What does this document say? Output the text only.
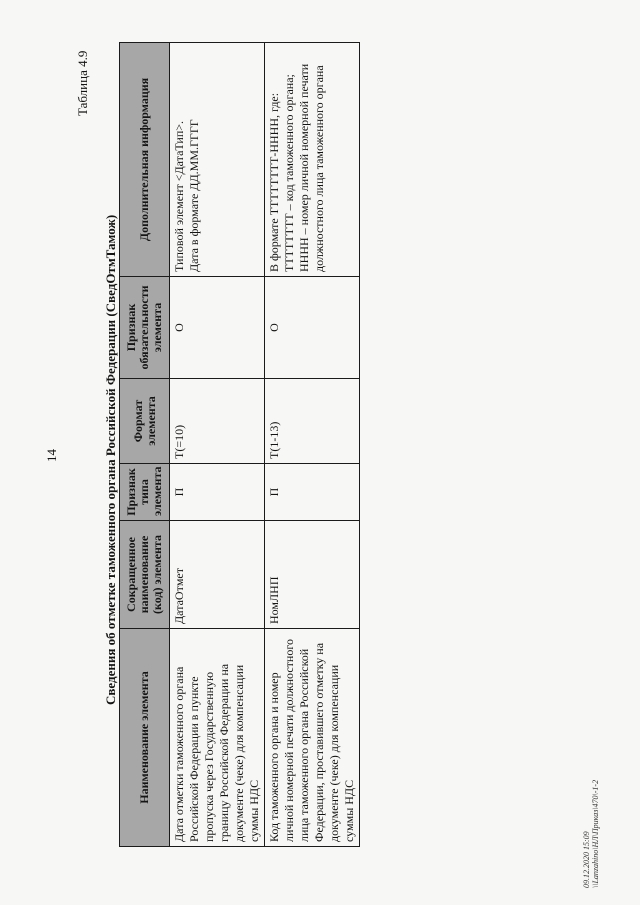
14
Таблица 4.9
Сведения об отметке таможенного органа Российской Федерации (СведОтмТамож)
Наименование элемента	Сокращенное наименование (код) элемента	Признак типа элемента	Формат элемента	Признак обязательности элемента	Дополнительная информация
Дата отметки таможенного органа Российской Федерации в пункте пропуска через Государственную границу Российской Федерации на документе (чеке) для компенсации суммы НДС	ДатаОтмет	П	T(=10)	О	Типовой элемент <ДатаТип>.
Дата в формате ДД.ММ.ГГГГ
Код таможенного органа и номер личной номерной печати должностного лица таможенного органа Российской Федерации, проставившего отметку на документе (чеке) для компенсации суммы НДС	НомЛНП	П	T(1-13)	О	В формате ТТТТТТТТ-НННН, где:
ТТТТТТТТ – код таможенного органа;
НННН – номер личной номерной печати должностного лица таможенного органа
09.12.2020 15:09 \\Lanzahino\НЛ\Приказ\470\-1-2
